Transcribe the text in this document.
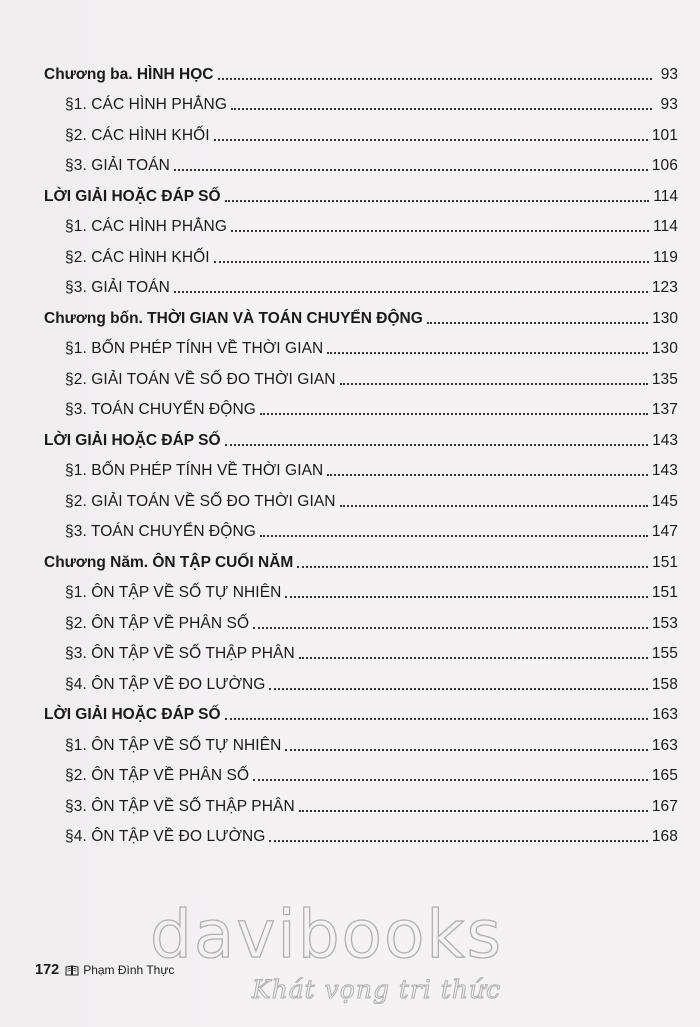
Chương ba. HÌNH HỌC	93
§1. CÁC HÌNH PHẲNG	93
§2. CÁC HÌNH KHỐI	101
§3. GIẢI TOÁN	106
LỜI GIẢI HOẶC ĐÁP SỐ	114
§1. CÁC HÌNH PHẲNG	114
§2. CÁC HÌNH KHỐI	119
§3. GIẢI TOÁN	123
Chương bốn. THỜI GIAN VÀ TOÁN CHUYỂN ĐỘNG	130
§1. BỐN PHÉP TÍNH VỀ THỜI GIAN	130
§2. GIẢI TOÁN VỀ SỐ ĐO THỜI GIAN	135
§3. TOÁN CHUYỂN ĐỘNG	137
LỜI GIẢI HOẶC ĐÁP SỐ	143
§1. BỐN PHÉP TÍNH VỀ THỜI GIAN	143
§2. GIẢI TOÁN VỀ SỐ ĐO THỜI GIAN	145
§3. TOÁN CHUYỂN ĐỘNG	147
Chương Năm. ÔN TẬP CUỐI NĂM	151
§1. ÔN TẬP VỀ SỐ TỰ NHIÊN	151
§2. ÔN TẬP VỀ PHÂN SỐ	153
§3. ÔN TẬP VỀ SỐ THẬP PHÂN	155
§4. ÔN TẬP VỀ ĐO LƯỜNG	158
LỜI GIẢI HOẶC ĐÁP SỐ	163
§1. ÔN TẬP VỀ SỐ TỰ NHIÊN	163
§2. ÔN TẬP VỀ PHÂN SỐ	165
§3. ÔN TẬP VỀ SỐ THẬP PHÂN	167
§4. ÔN TẬP VỀ ĐO LƯỜNG	168
172 Phạm Đình Thực
davibooks
Khát vọng tri thức
